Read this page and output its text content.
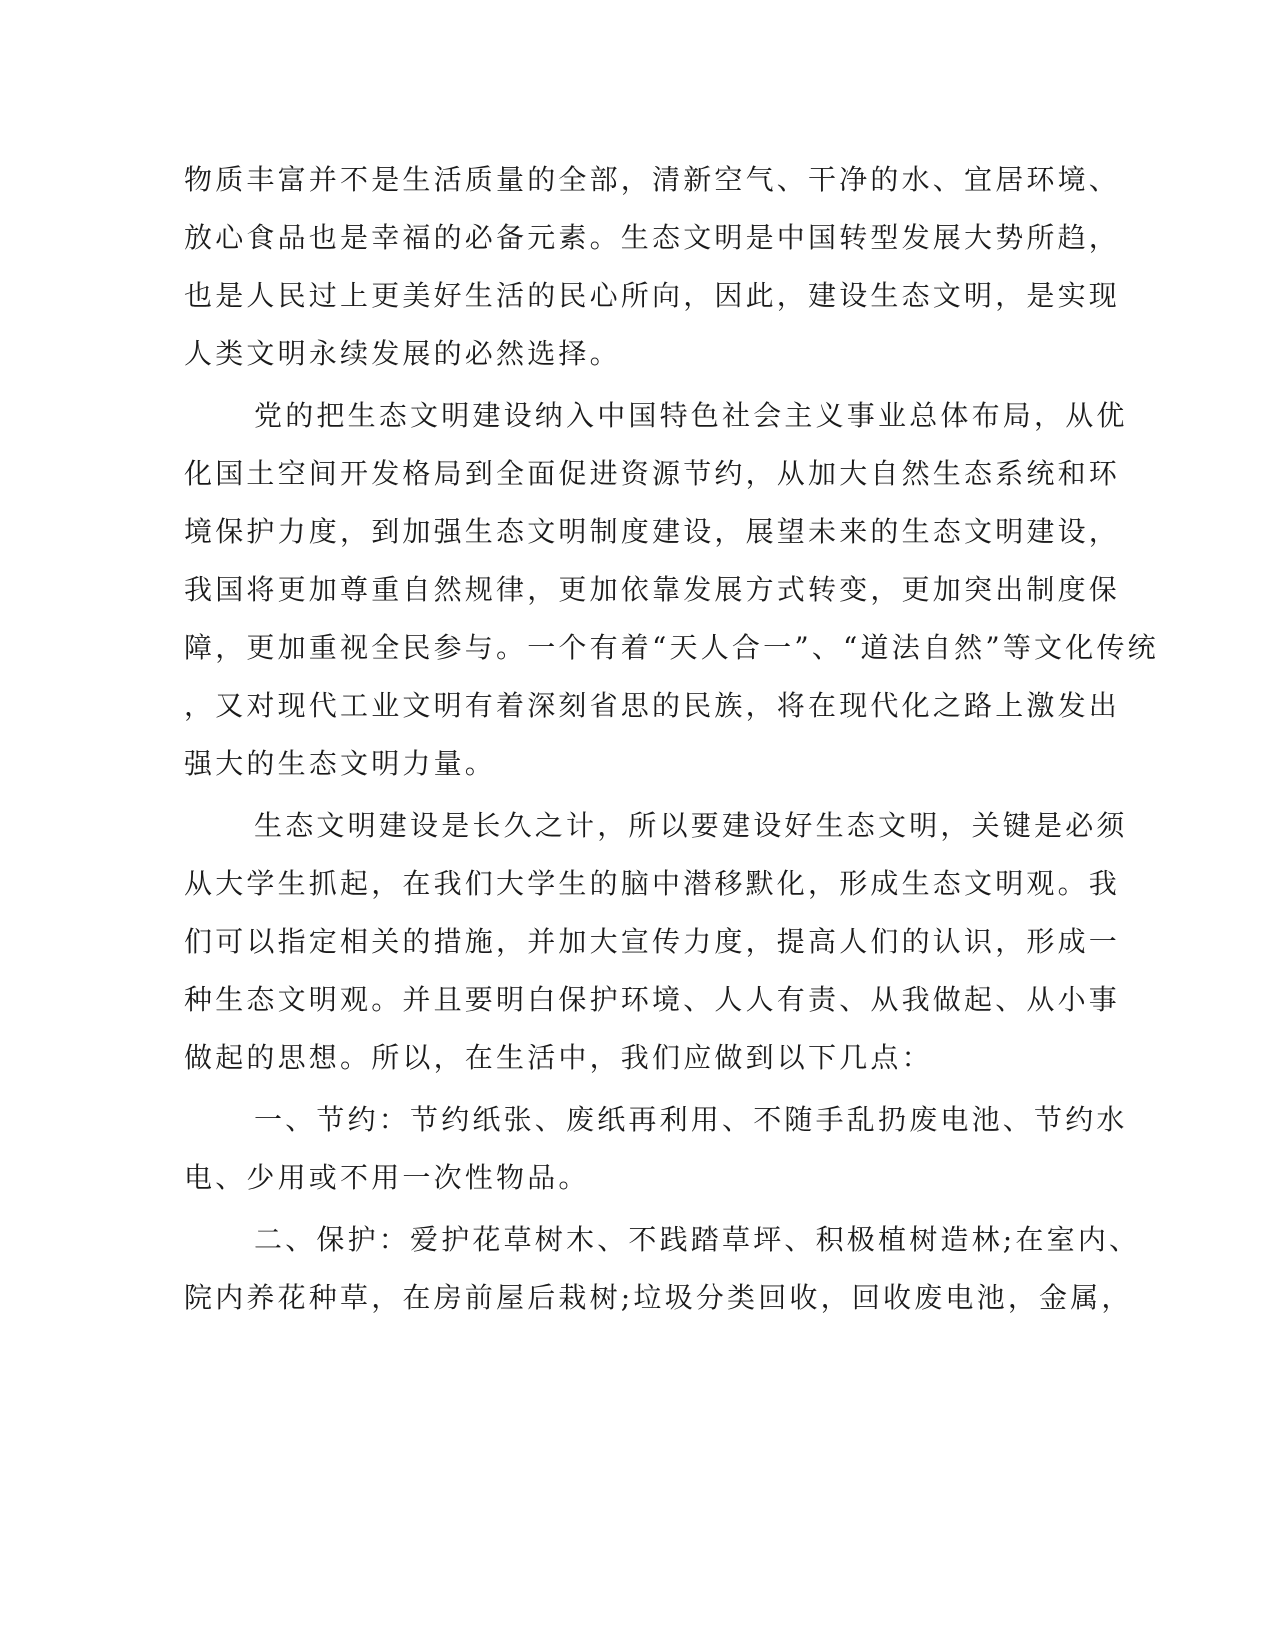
物质丰富并不是生活质量的全部，清新空气、干净的水、宜居环境、
放心食品也是幸福的必备元素。生态文明是中国转型发展大势所趋，
也是人民过上更美好生活的民心所向，因此，建设生态文明，是实现
人类文明永续发展的必然选择。
党的把生态文明建设纳入中国特色社会主义事业总体布局，从优
化国土空间开发格局到全面促进资源节约，从加大自然生态系统和环
境保护力度，到加强生态文明制度建设，展望未来的生态文明建设，
我国将更加尊重自然规律，更加依靠发展方式转变，更加突出制度保
障，更加重视全民参与。一个有着“天人合一”、“道法自然”等文化传统
，又对现代工业文明有着深刻省思的民族，将在现代化之路上激发出
强大的生态文明力量。
生态文明建设是长久之计，所以要建设好生态文明，关键是必须
从大学生抓起，在我们大学生的脑中潜移默化，形成生态文明观。我
们可以指定相关的措施，并加大宣传力度，提高人们的认识，形成一
种生态文明观。并且要明白保护环境、人人有责、从我做起、从小事
做起的思想。所以，在生活中，我们应做到以下几点：
一、节约：节约纸张、废纸再利用、不随手乱扔废电池、节约水
电、少用或不用一次性物品。
二、保护：爱护花草树木、不践踏草坪、积极植树造林;在室内、
院内养花种草，在房前屋后栽树;垃圾分类回收，回收废电池，金属，
